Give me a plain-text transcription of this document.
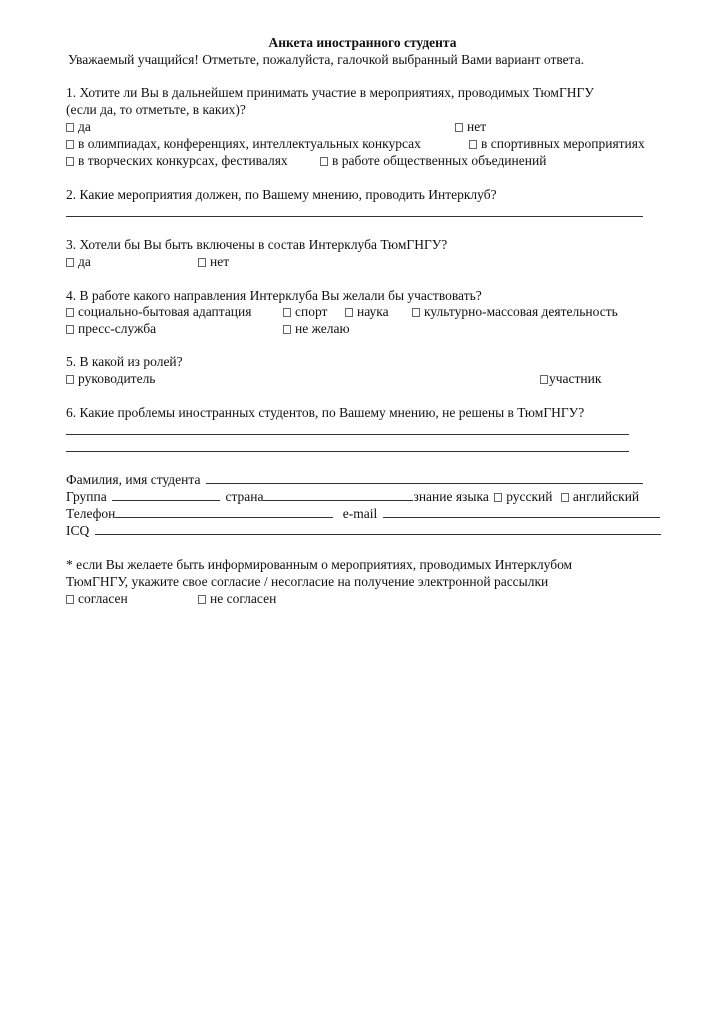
Анкета иностранного студента
Уважаемый учащийся! Отметьте, пожалуйста, галочкой выбранный Вами вариант ответа.
1. Хотите ли Вы в дальнейшем принимать участие в мероприятиях, проводимых ТюмГНГУ
(если да, то отметьте, в каких)?
да	нет
в олимпиадах, конференциях, интеллектуальных конкурсах	в спортивных мероприятиях
в творческих конкурсах, фестивалях	в работе общественных объединений
2. Какие мероприятия должен, по Вашему мнению, проводить Интерклуб?
3. Хотели бы Вы быть включены в состав Интерклуба ТюмГНГУ?
да	нет
4. В работе какого направления Интерклуба Вы желали бы участвовать?
социально-бытовая адаптация	спорт	наука	культурно-массовая деятельность
пресс-служба	не желаю
5. В какой из ролей?
руководитель	участник
6. Какие проблемы иностранных студентов, по Вашему мнению, не решены в ТюмГНГУ?
Фамилия, имя студента
Группа	страна	знание языка русский английский
Телефон	e-mail
ICQ
* если Вы желаете быть информированным о мероприятиях, проводимых Интерклубом
ТюмГНГУ, укажите свое согласие / несогласие на получение электронной рассылки
согласен	не согласен
